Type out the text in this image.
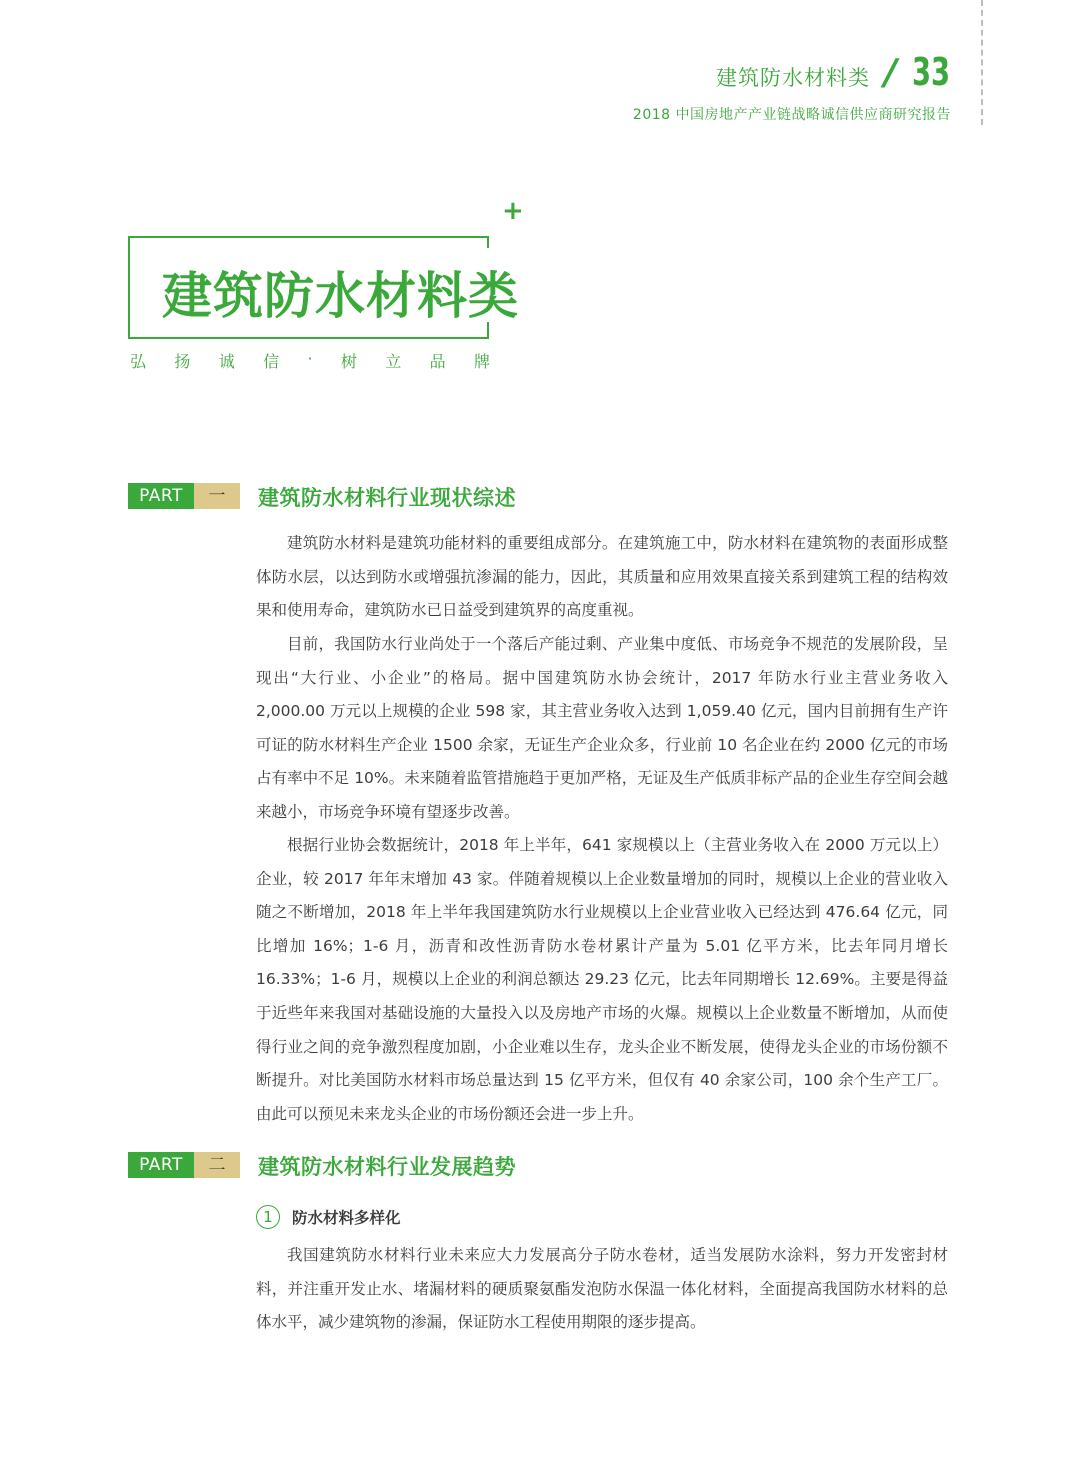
建筑防水材料类 / 33
2018 中国房地产产业链战略诚信供应商研究报告
+
建筑防水材料类
弘 扬 诚 信 · 树 立 品 牌
PART	一	建筑防水材料行业现状综述

建筑防水材料是建筑功能材料的重要组成部分。在建筑施工中，防水材料在建筑物的表面形成整体防水层，以达到防水或增强抗渗漏的能力，因此，其质量和应用效果直接关系到建筑工程的结构效果和使用寿命，建筑防水已日益受到建筑界的高度重视。

目前，我国防水行业尚处于一个落后产能过剩、产业集中度低、市场竞争不规范的发展阶段，呈现出“大行业、小企业”的格局。据中国建筑防水协会统计，2017 年防水行业主营业务收入 2,000.00 万元以上规模的企业 598 家，其主营业务收入达到 1,059.40 亿元，国内目前拥有生产许可证的防水材料生产企业 1500 余家，无证生产企业众多，行业前 10 名企业在约 2000 亿元的市场占有率中不足 10%。未来随着监管措施趋于更加严格，无证及生产低质非标产品的企业生存空间会越来越小，市场竞争环境有望逐步改善。

根据行业协会数据统计，2018 年上半年，641 家规模以上（主营业务收入在 2000 万元以上）企业，较 2017 年年末增加 43 家。伴随着规模以上企业数量增加的同时，规模以上企业的营业收入随之不断增加，2018 年上半年我国建筑防水行业规模以上企业营业收入已经达到 476.64 亿元，同比增加 16%；1-6 月，沥青和改性沥青防水卷材累计产量为 5.01 亿平方米，比去年同月增长 16.33%；1-6 月，规模以上企业的利润总额达 29.23 亿元，比去年同期增长 12.69%。主要是得益于近些年来我国对基础设施的大量投入以及房地产市场的火爆。规模以上企业数量不断增加，从而使得行业之间的竞争激烈程度加剧，小企业难以生存，龙头企业不断发展，使得龙头企业的市场份额不断提升。对比美国防水材料市场总量达到 15 亿平方米，但仅有 40 余家公司，100 余个生产工厂。由此可以预见未来龙头企业的市场份额还会进一步上升。

PART	二	建筑防水材料行业发展趋势
1	防水材料多样化

我国建筑防水材料行业未来应大力发展高分子防水卷材，适当发展防水涂料，努力开发密封材料，并注重开发止水、堵漏材料的硬质聚氨酯发泡防水保温一体化材料，全面提高我国防水材料的总体水平，减少建筑物的渗漏，保证防水工程使用期限的逐步提高。
